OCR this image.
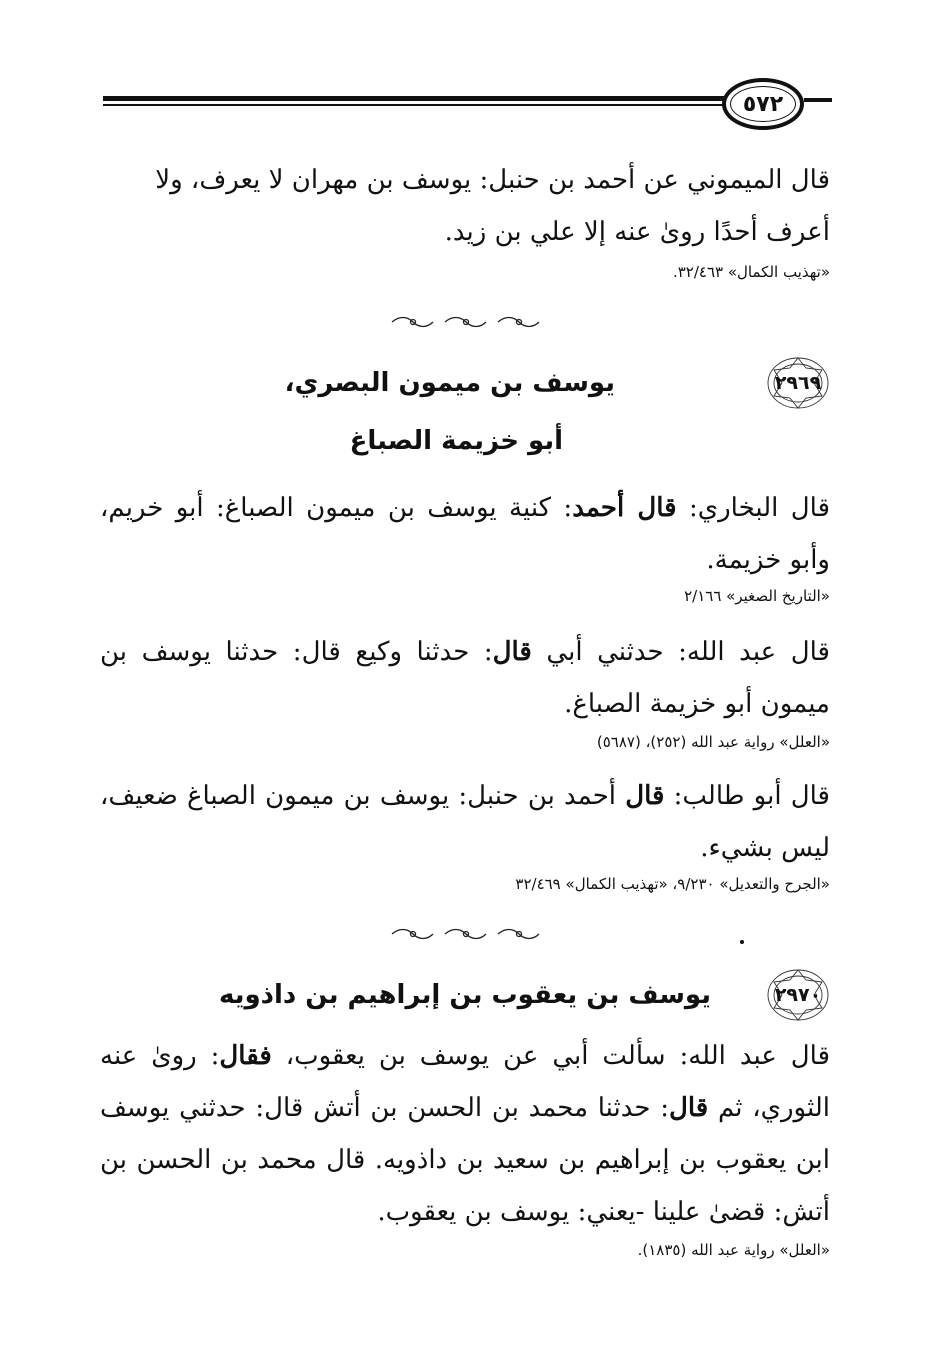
٥٧٢

قال الميموني عن أحمد بن حنبل: يوسف بن مهران لا يعرف، ولا

أعرف أحدًا روىٰ عنه إلا علي بن زيد.

«تهذيب الكمال» ٣٢/٤٦٣.

٢٩٦٩
يوسف بن ميمون البصري،
أبو خزيمة الصباغ

قال البخاري: قال أحمد: كنية يوسف بن ميمون الصباغ: أبو خريم، وأبو خزيمة.

«التاريخ الصغير» ٢/١٦٦

قال عبد الله: حدثني أبي قال: حدثنا وكيع قال: حدثنا يوسف بن ميمون أبو خزيمة الصباغ.

«العلل» رواية عبد الله (٢٥٢)، (٥٦٨٧)

قال أبو طالب: قال أحمد بن حنبل: يوسف بن ميمون الصباغ ضعيف، ليس بشيء.

«الجرح والتعديل» ٩/٢٣٠، «تهذيب الكمال» ٣٢/٤٦٩

٢٩٧٠
يوسف بن يعقوب بن إبراهيم بن داذويه

قال عبد الله: سألت أبي عن يوسف بن يعقوب، فقال: روىٰ عنه الثوري، ثم قال: حدثنا محمد بن الحسن بن أتش قال: حدثني يوسف ابن يعقوب بن إبراهيم بن سعيد بن داذويه. قال محمد بن الحسن بن أتش: قضىٰ علينا -يعني: يوسف بن يعقوب.

«العلل» رواية عبد الله (١٨٣٥).
